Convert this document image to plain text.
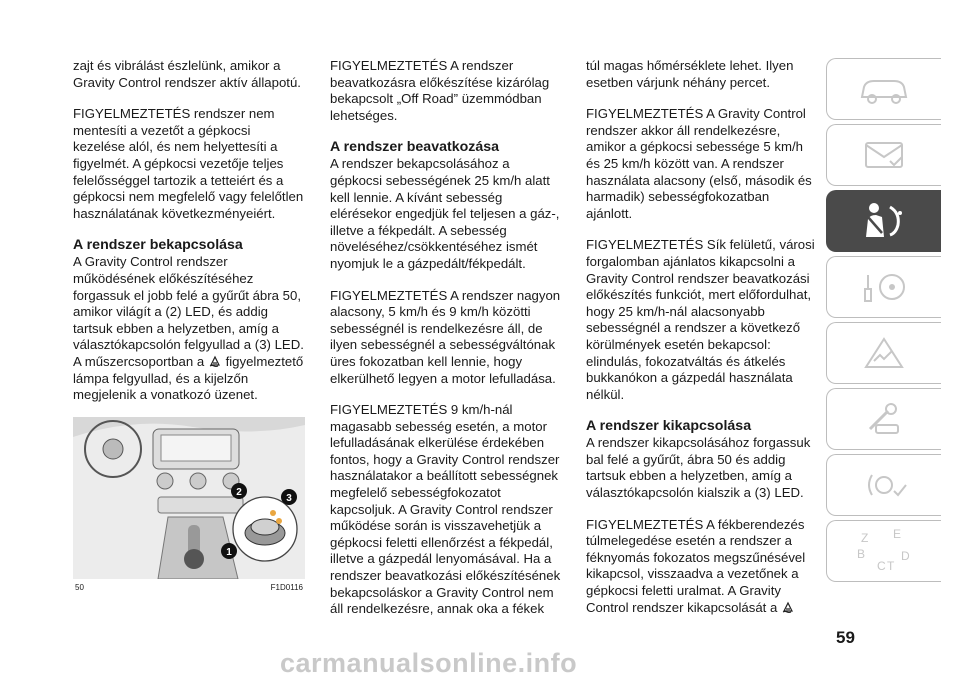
zajt és vibrálást észlelünk, amikor a Gravity Control rendszer aktív állapotú.

FIGYELMEZTETÉS rendszer nem mentesíti a vezetőt a gépkocsi kezelése alól, és nem helyettesíti a figyelmét. A gépkocsi vezetője teljes felelősséggel tartozik a tetteiért és a gépkocsi nem megfelelő vagy felelőtlen használatának következményeiért.

A rendszer bekapcsolása

A Gravity Control rendszer működésének előkészítéséhez forgassuk el jobb felé a gyűrűt ábra 50, amikor világít a (2) LED, és addig tartsuk ebben a helyzetben, amíg a választókapcsolón felgyullad a (3) LED. A műszercsoportban a figyelmeztető lámpa felgyullad, és a kijelzőn megjelenik a vonatkozó üzenet.

2
3
1
50	F1D0116

FIGYELMEZTETÉS A rendszer beavatkozásra előkészítése kizárólag bekapcsolt „Off Road” üzemmódban lehetséges.

A rendszer beavatkozása

A rendszer bekapcsolásához a gépkocsi sebességének 25 km/h alatt kell lennie. A kívánt sebesség elérésekor engedjük fel teljesen a gáz-, illetve a fékpedált. A sebesség növeléséhez/csökkentéséhez ismét nyomjuk le a gázpedált/fékpedált.

FIGYELMEZTETÉS A rendszer nagyon alacsony, 5 km/h és 9 km/h közötti sebességnél is rendelkezésre áll, de ilyen sebességnél a sebességváltónak üres fokozatban kell lennie, hogy elkerülhető legyen a motor lefulladása.

FIGYELMEZTETÉS 9 km/h-nál magasabb sebesség esetén, a motor lefulladásának elkerülése érdekében fontos, hogy a Gravity Control rendszer használatakor a beállított sebességnek megfelelő sebességfokozatot kapcsoljuk. A Gravity Control rendszer működése során is visszavehetjük a gépkocsi feletti ellenőrzést a fékpedál, illetve a gázpedál lenyomásával. Ha a rendszer beavatkozási előkészítésének bekapcsoláskor a Gravity Control nem áll rendelkezésre, annak oka a fékek

túl magas hőmérséklete lehet. Ilyen esetben várjunk néhány percet.

FIGYELMEZTETÉS A Gravity Control rendszer akkor áll rendelkezésre, amikor a gépkocsi sebessége 5 km/h és 25 km/h között van. A rendszer használata alacsony (első, második és harmadik) sebességfokozatban ajánlott.

FIGYELMEZTETÉS Sík felületű, városi forgalomban ajánlatos kikapcsolni a Gravity Control rendszer beavatkozási előkészítés funkciót, mert előfordulhat, hogy 25 km/h-nál alacsonyabb sebességnél a rendszer a következő körülmények esetén bekapcsol: elindulás, fokozatváltás és átkelés bukkanókon a gázpedál használata nélkül.

A rendszer kikapcsolása

A rendszer kikapcsolásához forgassuk bal felé a gyűrűt, ábra 50 és addig tartsuk ebben a helyzetben, amíg a választókapcsolón kialszik a (3) LED.

FIGYELMEZTETÉS A fékberendezés túlmelegedése esetén a rendszer a féknyomás fokozatos megszűnésével kikapcsol, visszaadva a vezetőnek a gépkocsi feletti uralmat. A Gravity Control rendszer kikapcsolását a

Z E
B
C T
D
59
carmanualsonline.info
